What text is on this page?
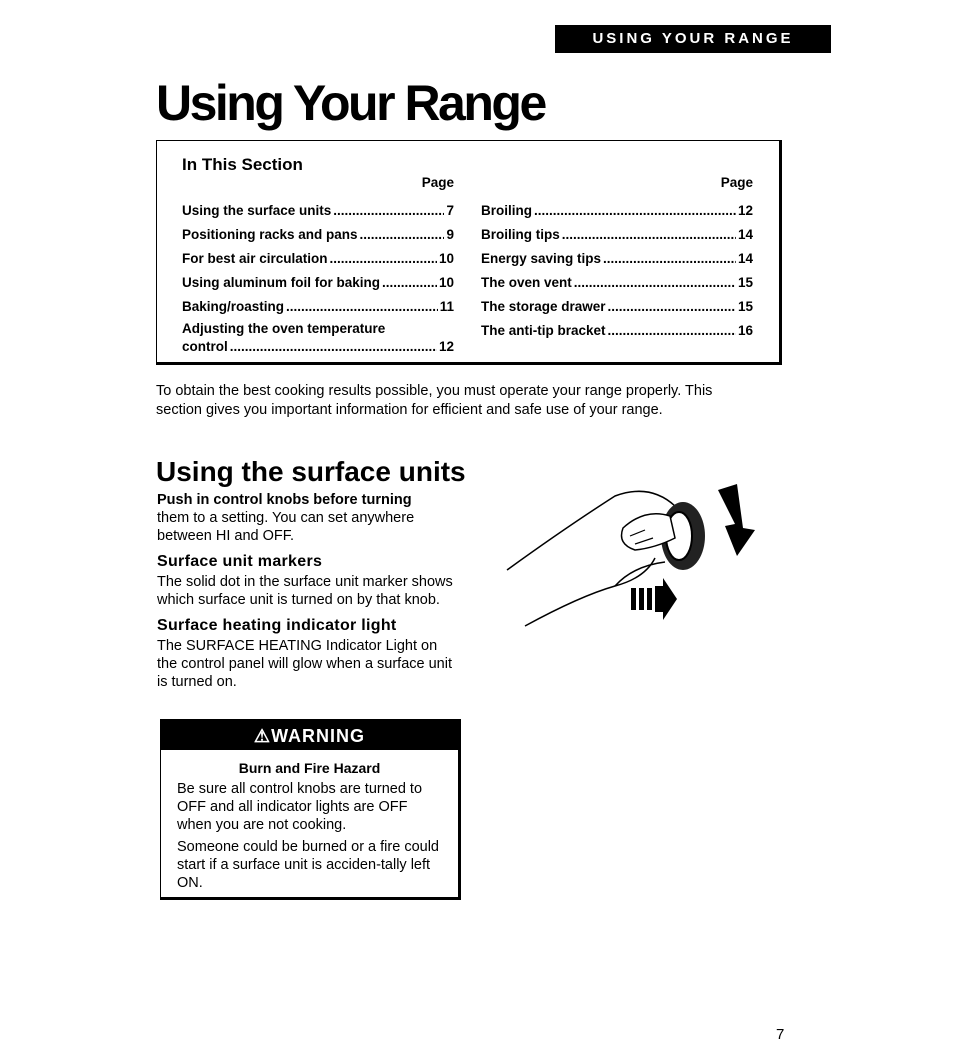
USING YOUR RANGE
Using Your Range
In This Section
Page
Using the surface units .....	7
Positioning racks and pans .....	9
For best air circulation .....	10
Using aluminum foil for baking .....	10
Baking/roasting .....	11
Adjusting the oven temperature
control .....	12
Page
Broiling .....	12
Broiling tips .....	14
Energy saving tips .....	14
The oven vent .....	15
The storage drawer .....	15
The anti-tip bracket .....	16

To obtain the best cooking results possible, you must operate your range properly. This section gives you important information for efficient and safe use of your range.

Using the surface units

Push in control knobs before turning
them to a setting. You can set anywhere between HI and OFF.

Surface unit markers

The solid dot in the surface unit marker shows which surface unit is turned on by that knob.

Surface heating indicator light

The SURFACE HEATING Indicator Light on the control panel will glow when a surface unit is turned on.

⚠WARNING
Burn and Fire Hazard

Be sure all control knobs are turned to OFF and all indicator lights are OFF when you are not cooking.

Someone could be burned or a fire could start if a surface unit is acciden-tally left ON.

7
